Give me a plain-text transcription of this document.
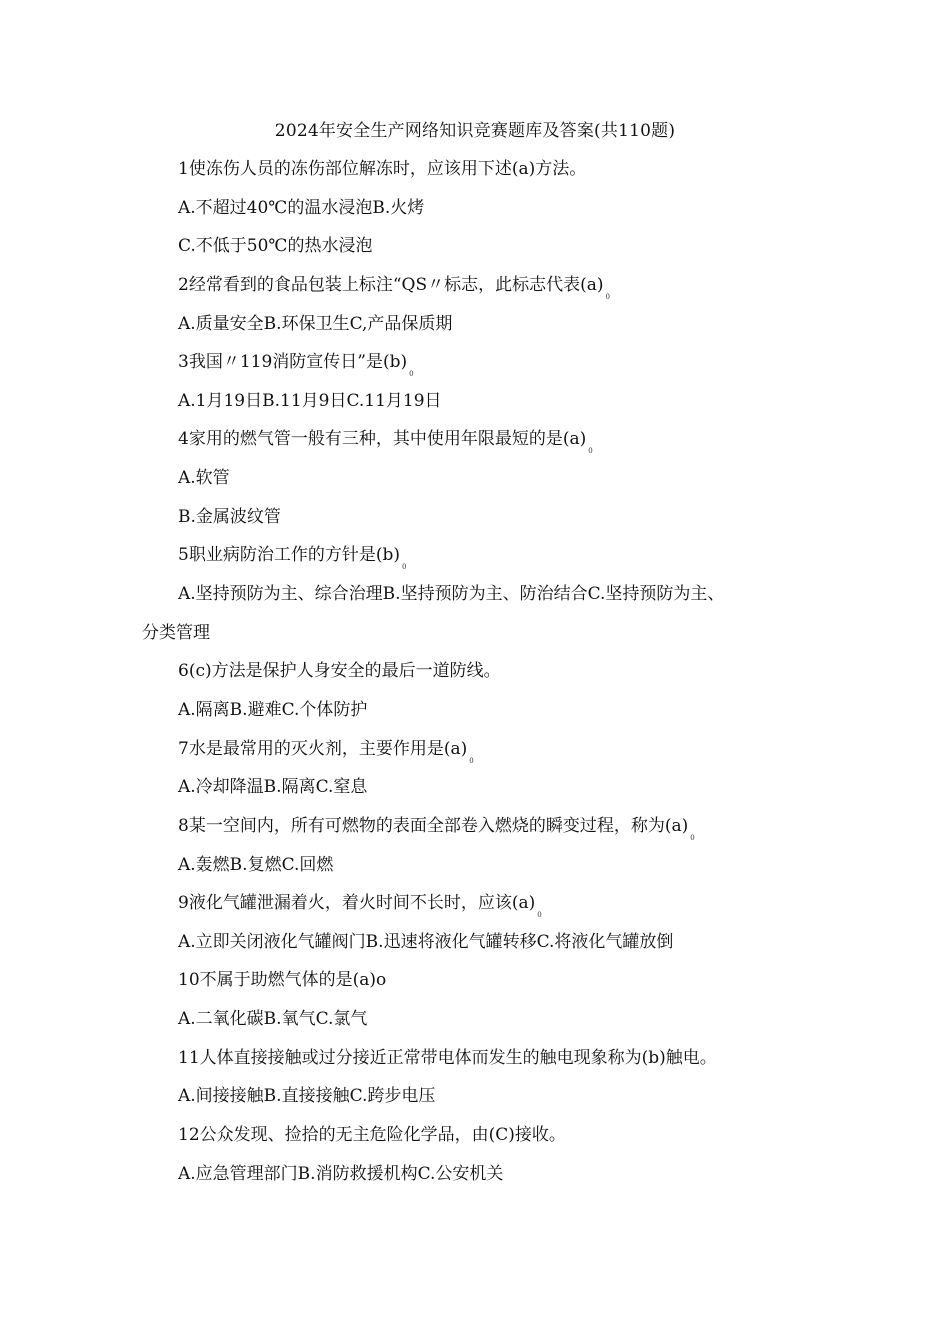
2024年安全生产网络知识竞赛题库及答案(共110题)
1使冻伤人员的冻伤部位解冻时，应该用下述(a)方法。
A.不超过40℃的温水浸泡B.火烤
C.不低于50℃的热水浸泡
2经常看到的食品包装上标注“QS〃标志，此标志代表(a)0
A.质量安全B.环保卫生C,产品保质期
3我国〃119消防宣传日”是(b)0
A.1月19日B.11月9日C.11月19日
4家用的燃气管一般有三种，其中使用年限最短的是(a)0
A.软管
B.金属波纹管
5职业病防治工作的方针是(b)0
A.坚持预防为主、综合治理B.坚持预防为主、防治结合C.坚持预防为主、
分类管理
6(c)方法是保护人身安全的最后一道防线。
A.隔离B.避难C.个体防护
7水是最常用的灭火剂，主要作用是(a)0
A.冷却降温B.隔离C.窒息
8某一空间内，所有可燃物的表面全部卷入燃烧的瞬变过程，称为(a)0
A.轰燃B.复燃C.回燃
9液化气罐泄漏着火，着火时间不长时，应该(a)0
A.立即关闭液化气罐阀门B.迅速将液化气罐转移C.将液化气罐放倒
10不属于助燃气体的是(a)o
A.二氧化碳B.氧气C.氯气
11人体直接接触或过分接近正常带电体而发生的触电现象称为(b)触电。
A.间接接触B.直接接触C.跨步电压
12公众发现、捡拾的无主危险化学品，由(C)接收。
A.应急管理部门B.消防救援机构C.公安机关
